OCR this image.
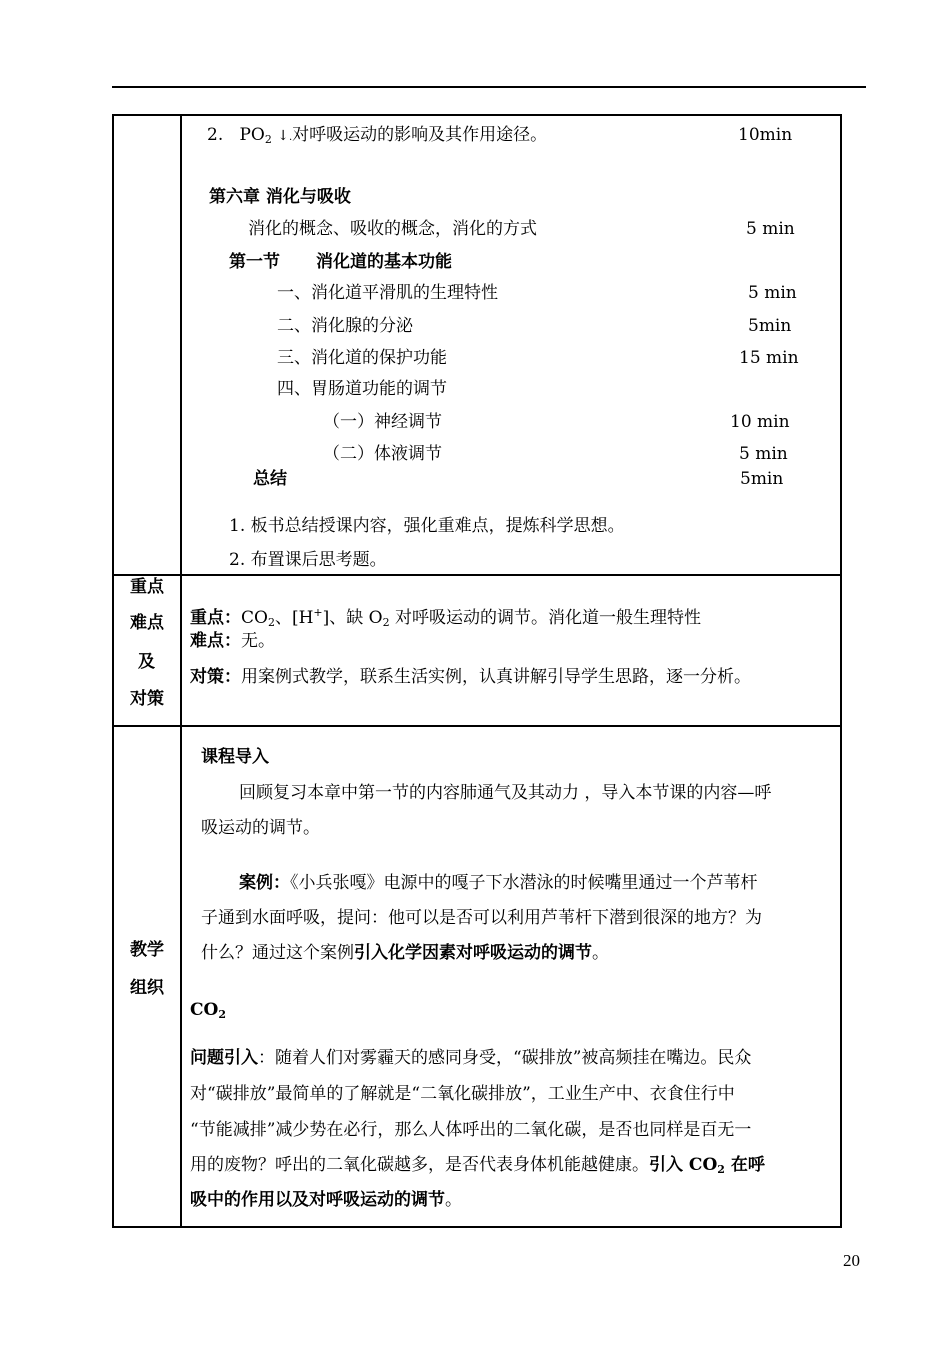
2. $PO_2$ ↓.对呼吸运动的影响及其作用途径。	10min
第六章 消化与吸收
消化的概念、吸收的概念，消化的方式	5 min
第一节 消化道的基本功能
一、消化道平滑肌的生理特性	5 min
二、消化腺的分泌	5min
三、消化道的保护功能	15 min
四、胃肠道功能的调节
（一）神经调节	10 min
（二）体液调节	5 min
总结	5min
1. 板书总结授课内容，强化重难点，提炼科学思想。
2. 布置课后思考题。
重点
难点
及
对策
重点：$CO_2$、[H+]、缺 $O_2$ 对呼吸运动的调节。消化道一般生理特性
难点：无。
对策：用案例式教学，联系生活实例，认真讲解引导学生思路，逐一分析。
教学
组织
课程导入
回顾复习本章中第一节的内容肺通气及其动力 ，导入本节课的内容—呼
吸运动的调节。
案例：《小兵张嘎》电源中的嘎子下水潜泳的时候嘴里通过一个芦苇杆
子通到水面呼吸，提问：他可以是否可以利用芦苇杆下潜到很深的地方？为
什么？通过这个案例引入化学因素对呼吸运动的调节。
$CO_2$
问题引入：随着人们对雾霾天的感同身受，“碳排放”被高频挂在嘴边。民众
对“碳排放”最简单的了解就是“二氧化碳排放”，工业生产中、衣食住行中
“节能减排”减少势在必行，那么人体呼出的二氧化碳，是否也同样是百无一
用的废物？呼出的二氧化碳越多，是否代表身体机能越健康。引入 $CO_2$ 在呼
吸中的作用以及对呼吸运动的调节。
20
